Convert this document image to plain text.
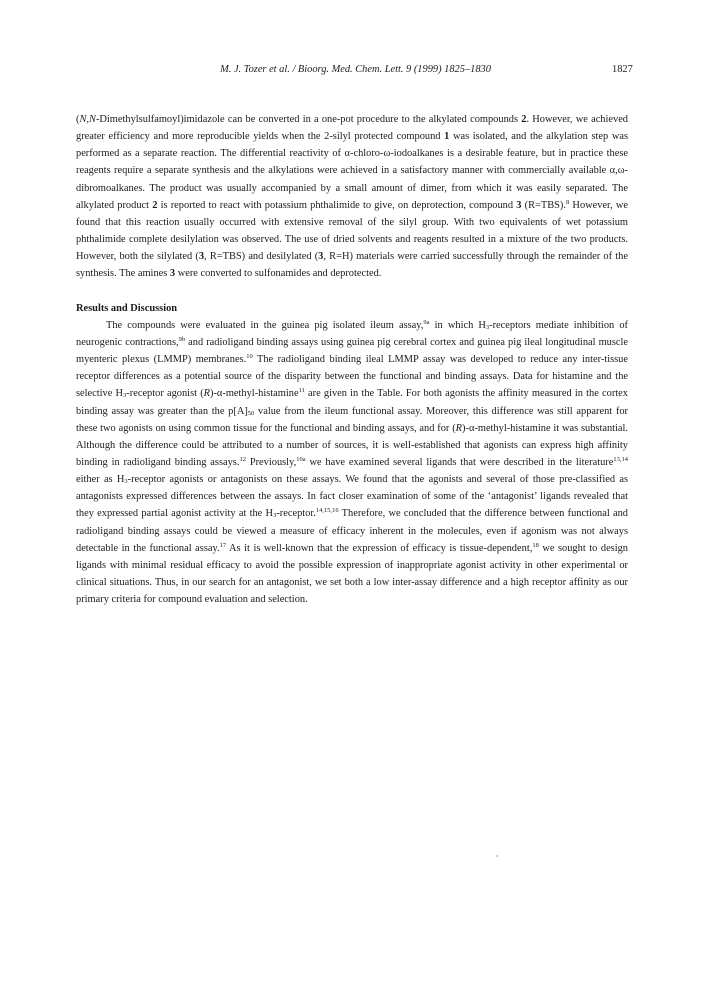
M. J. Tozer et al. / Bioorg. Med. Chem. Lett. 9 (1999) 1825–1830	1827

(N,N-Dimethylsulfamoyl)imidazole can be converted in a one-pot procedure to the alkylated compounds 2. However, we achieved greater efficiency and more reproducible yields when the 2-silyl protected compound 1 was isolated, and the alkylation step was performed as a separate reaction. The differential reactivity of α-chloro-ω-iodoalkanes is a desirable feature, but in practice these reagents require a separate synthesis and the alkylations were achieved in a satisfactory manner with commercially available α,ω-dibromoalkanes. The product was usually accompanied by a small amount of dimer, from which it was easily separated. The alkylated product 2 is reported to react with potassium phthalimide to give, on deprotection, compound 3 (R=TBS).$^8$ However, we found that this reaction usually occurred with extensive removal of the silyl group. With two equivalents of wet potassium phthalimide complete desilylation was observed. The use of dried solvents and reagents resulted in a mixture of the two products. However, both the silylated (3, R=TBS) and desilylated (3, R=H) materials were carried successfully through the remainder of the synthesis. The amines 3 were converted to sulfonamides and deprotected.

Results and Discussion

The compounds were evaluated in the guinea pig isolated ileum assay,$^{9a}$ in which $H_3$-receptors mediate inhibition of neurogenic contractions,$^{9b}$ and radioligand binding assays using guinea pig cerebral cortex and guinea pig ileal longitudinal muscle myenteric plexus (LMMP) membranes.$^{10}$ The radioligand binding ileal LMMP assay was developed to reduce any inter-tissue receptor differences as a potential source of the disparity between the functional and binding assays. Data for histamine and the selective $H_3$-receptor agonist (R)-α-methyl-histamine$^{11}$ are given in the Table. For both agonists the affinity measured in the cortex binding assay was greater than the $p[A]_{50}$ value from the ileum functional assay. Moreover, this difference was still apparent for these two agonists on using common tissue for the functional and binding assays, and for (R)-α-methyl-histamine it was substantial. Although the difference could be attributed to a number of sources, it is well-established that agonists can express high affinity binding in radioligand binding assays.$^{12}$ Previously,$^{10a}$ we have examined several ligands that were described in the literature$^{13,14}$ either as $H_3$-receptor agonists or antagonists on these assays. We found that the agonists and several of those pre-classified as antagonists expressed differences between the assays. In fact closer examination of some of the ‘antagonist’ ligands revealed that they expressed partial agonist activity at the $H_3-receptor.^{14,15,16}$ Therefore, we concluded that the difference between functional and radioligand binding assays could be viewed a measure of efficacy inherent in the molecules, even if agonism was not always detectable in the functional assay.$^{17}$ As it is well-known that the expression of efficacy is tissue-dependent,$^{18}$ we sought to design ligands with minimal residual efficacy to avoid the possible expression of inappropriate agonist activity in other experimental or clinical situations. Thus, in our search for an antagonist, we set both a low inter-assay difference and a high receptor affinity as our primary criteria for compound evaluation and selection.
